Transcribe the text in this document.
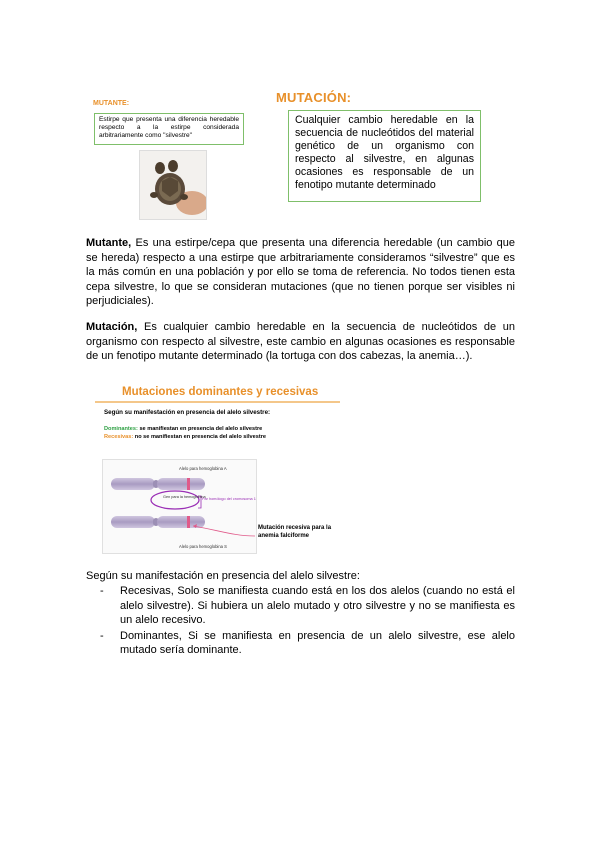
MUTACIÓN:
MUTANTE:
Estirpe que presenta una diferencia heredable respecto a la estirpe considerada arbitrariamente como "silvestre"
Cualquier cambio heredable en la secuencia de nucleótidos del material genético de un organismo con respecto al silvestre, en algunas ocasiones es responsable de un fenotipo mutante determinado
Mutante, Es una estirpe/cepa que presenta una diferencia heredable (un cambio que se hereda) respecto a una estirpe que arbitrariamente consideramos “silvestre” que es la más común en una población y por ello se toma de referencia. No todos tienen esta cepa silvestre, lo que se consideran mutaciones (que no tienen porque ser visibles ni perjudiciales).
Mutación, Es cualquier cambio heredable en la secuencia de nucleótidos de un organismo con respecto al silvestre, este cambio en algunas ocasiones es responsable de un fenotipo mutante determinado (la tortuga con dos cabezas, la anemia…).
Mutaciones dominantes y recesivas
Según su manifestación en presencia del alelo silvestre:
Dominantes: se manifiestan en presencia del alelo silvestre
Recesivas: no se manifiestan en presencia del alelo silvestre
Alelo para hemoglobina A
Gen para la hemoglobina
Par homólogo del cromosoma 11
Alelo para hemoglobina S
Mutación recesiva para la anemia falciforme
Según su manifestación en presencia del alelo silvestre:
- Recesivas, Solo se manifiesta cuando está en los dos alelos (cuando no está el alelo silvestre). Si hubiera un alelo mutado y otro silvestre y no se manifiesta es un alelo recesivo.
- Dominantes, Si se manifiesta en presencia de un alelo silvestre, ese alelo mutado sería dominante.
